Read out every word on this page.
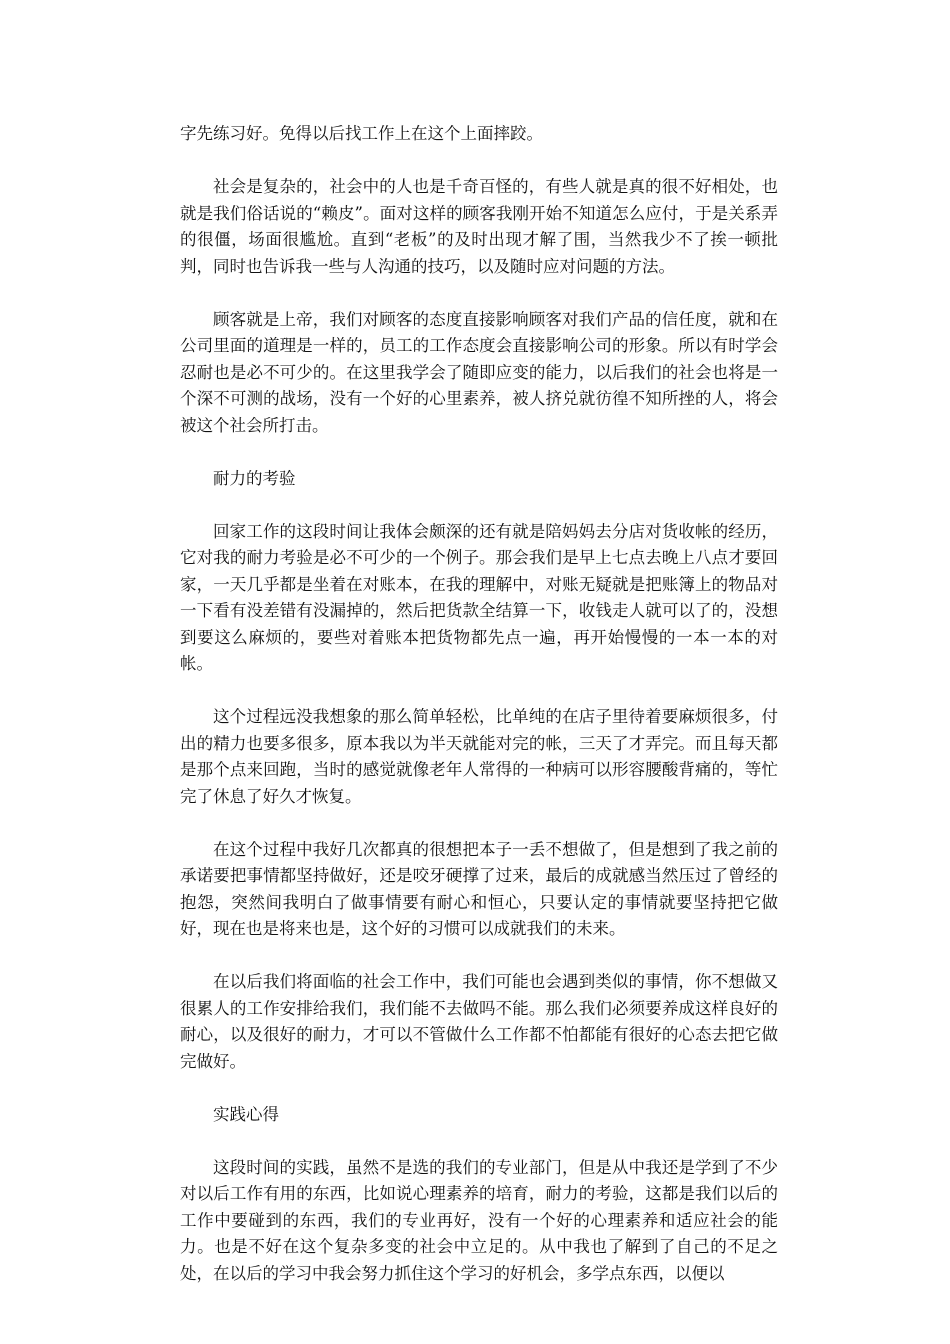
字先练习好。免得以后找工作上在这个上面摔跤。

社会是复杂的，社会中的人也是千奇百怪的，有些人就是真的很不好相处，也就是我们俗话说的“赖皮”。面对这样的顾客我刚开始不知道怎么应付，于是关系弄的很僵，场面很尴尬。直到“老板”的及时出现才解了围，当然我少不了挨一顿批判，同时也告诉我一些与人沟通的技巧，以及随时应对问题的方法。

顾客就是上帝，我们对顾客的态度直接影响顾客对我们产品的信任度，就和在公司里面的道理是一样的，员工的工作态度会直接影响公司的形象。所以有时学会忍耐也是必不可少的。在这里我学会了随即应变的能力，以后我们的社会也将是一个深不可测的战场，没有一个好的心里素养，被人挤兑就彷徨不知所挫的人，将会被这个社会所打击。

耐力的考验

回家工作的这段时间让我体会颇深的还有就是陪妈妈去分店对货收帐的经历，它对我的耐力考验是必不可少的一个例子。那会我们是早上七点去晚上八点才要回家，一天几乎都是坐着在对账本，在我的理解中，对账无疑就是把账簿上的物品对一下看有没差错有没漏掉的，然后把货款全结算一下，收钱走人就可以了的，没想到要这么麻烦的，要些对着账本把货物都先点一遍，再开始慢慢的一本一本的对帐。

这个过程远没我想象的那么简单轻松，比单纯的在店子里待着要麻烦很多，付出的精力也要多很多，原本我以为半天就能对完的帐，三天了才弄完。而且每天都是那个点来回跑，当时的感觉就像老年人常得的一种病可以形容腰酸背痛的，等忙完了休息了好久才恢复。

在这个过程中我好几次都真的很想把本子一丢不想做了，但是想到了我之前的承诺要把事情都坚持做好，还是咬牙硬撑了过来，最后的成就感当然压过了曾经的抱怨，突然间我明白了做事情要有耐心和恒心，只要认定的事情就要坚持把它做好，现在也是将来也是，这个好的习惯可以成就我们的未来。

在以后我们将面临的社会工作中，我们可能也会遇到类似的事情，你不想做又很累人的工作安排给我们，我们能不去做吗不能。那么我们必须要养成这样良好的耐心，以及很好的耐力，才可以不管做什么工作都不怕都能有很好的心态去把它做完做好。

实践心得

这段时间的实践，虽然不是选的我们的专业部门，但是从中我还是学到了不少对以后工作有用的东西，比如说心理素养的培育，耐力的考验，这都是我们以后的工作中要碰到的东西，我们的专业再好，没有一个好的心理素养和适应社会的能力。也是不好在这个复杂多变的社会中立足的。从中我也了解到了自己的不足之处，在以后的学习中我会努力抓住这个学习的好机会，多学点东西，以便以
